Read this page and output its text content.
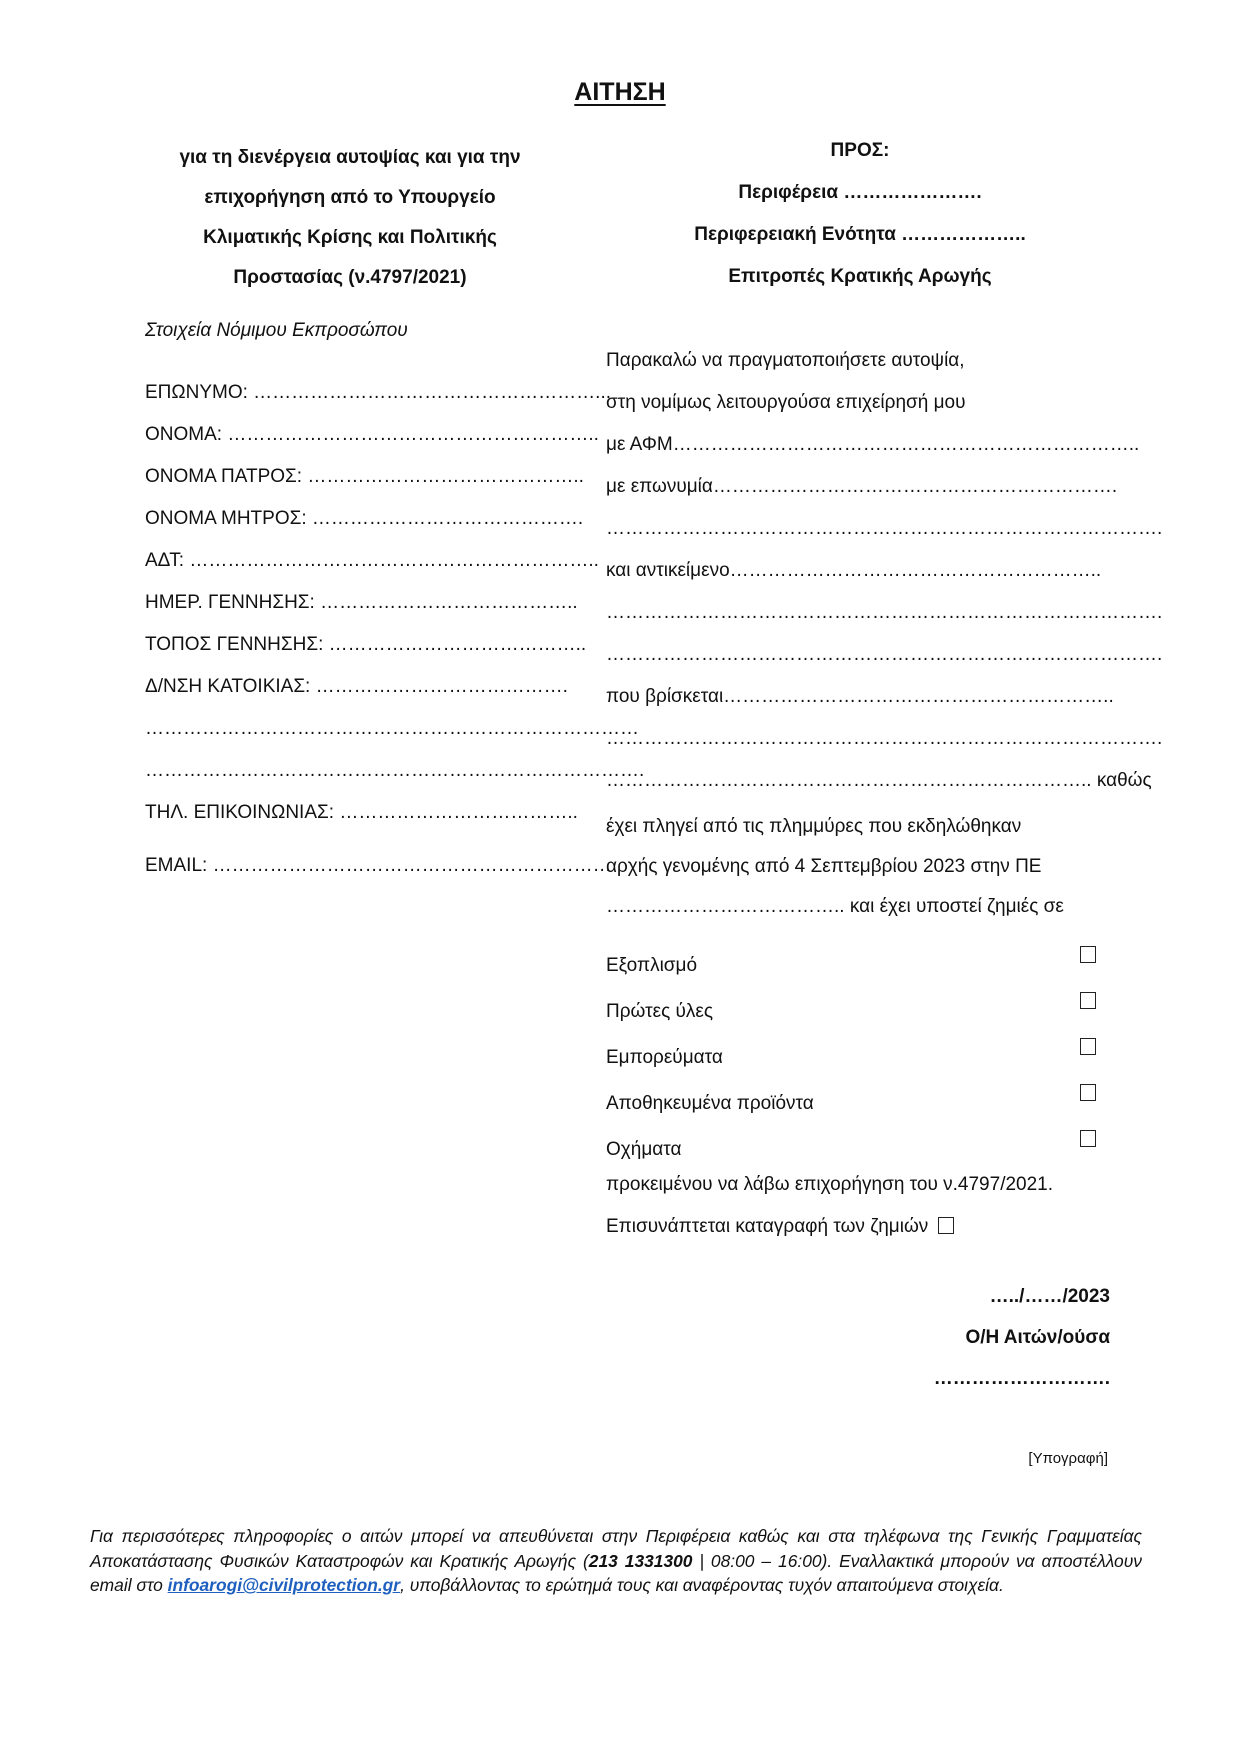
ΑΙΤΗΣΗ
για τη διενέργεια αυτοψίας και για την
επιχορήγηση από το Υπουργείο
Κλιματικής Κρίσης και Πολιτικής
Προστασίας (ν.4797/2021)
ΠΡΟΣ:
Περιφέρεια ………………….
Περιφερειακή Ενότητα ………………..
Επιτροπές Κρατικής Αρωγής
Στοιχεία Νόμιμου Εκπροσώπου
ΕΠΩΝΥΜΟ: ………………………………………………...
ΟΝΟΜΑ: …………………………………………………..
ΟΝΟΜΑ ΠΑΤΡΟΣ: ……………………………………..
ΟΝΟΜΑ ΜΗΤΡΟΣ: …………………………………….
ΑΔΤ: ………………………………………………………..
ΗΜΕΡ. ΓΕΝΝΗΣΗΣ: …………………………………..
ΤΟΠΟΣ ΓΕΝΝΗΣΗΣ: …………………………………..
Δ/ΝΣΗ ΚΑΤΟΙΚΙΑΣ: ………………………………….
……………………………………………………………………
…………………………………………………………………….
ΤΗΛ. ΕΠΙΚΟΙΝΩΝΙΑΣ: ………………………………..
EMAIL: ………………………………………………………
Παρακαλώ να πραγματοποιήσετε αυτοψία,
στη νομίμως λειτουργούσα επιχείρησή μου
με ΑΦΜ………………………………………………………………..
με επωνυμία……………………………………………………….
…………………………………………………………………………….
και αντικείμενο…………………………………………………..
…………………………………………………………………………….
…………………………………………………………………………….
που βρίσκεται……………………………………………………..
…………………………………………………………………………….
………………………………………………………………….. καθώς
έχει πληγεί από τις πλημμύρες που εκδηλώθηκαν
αρχής γενομένης από 4 Σεπτεμβρίου 2023 στην ΠΕ
……………………………….. και έχει υποστεί ζημιές σε
Εξοπλισμό
Πρώτες ύλες
Εμπορεύματα
Αποθηκευμένα προϊόντα
Οχήματα
προκειμένου να λάβω επιχορήγηση του ν.4797/2021.
Επισυνάπτεται καταγραφή των ζημιών
…../……/2023
Ο/Η Αιτών/ούσα
……………………….
[Υπογραφή]
Για περισσότερες πληροφορίες ο αιτών μπορεί να απευθύνεται στην Περιφέρεια καθώς και στα τηλέφωνα της Γενικής Γραμματείας Αποκατάστασης Φυσικών Καταστροφών και Κρατικής Αρωγής (213 1331300 | 08:00 – 16:00). Εναλλακτικά μπορούν να αποστέλλουν email στο infoarogi@civilprotection.gr, υποβάλλοντας το ερώτημά τους και αναφέροντας τυχόν απαιτούμενα στοιχεία.
